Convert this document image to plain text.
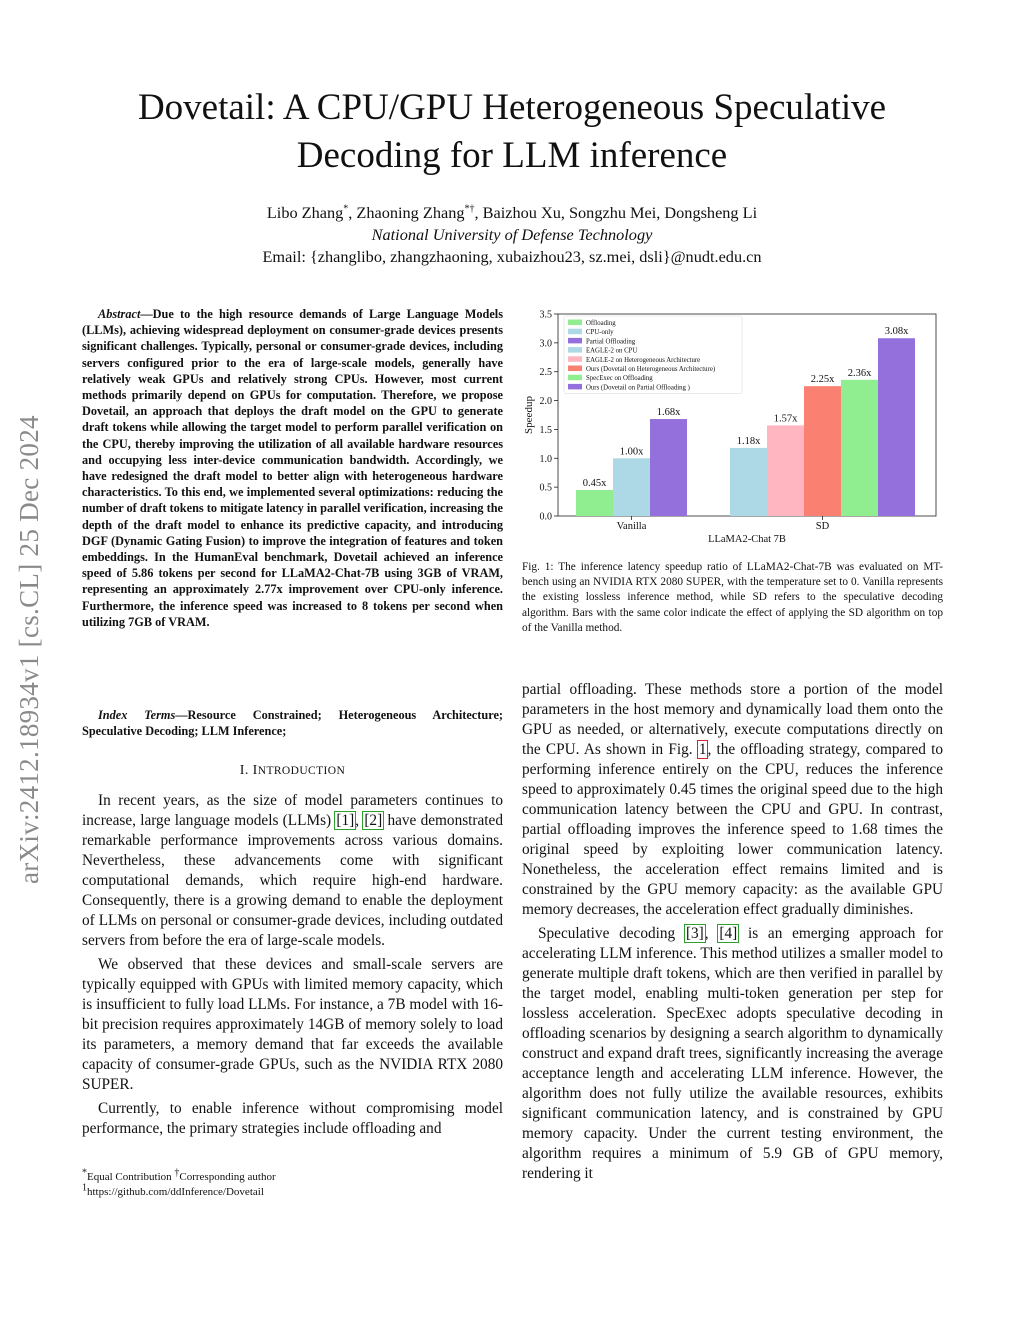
arXiv:2412.18934v1 [cs.CL] 25 Dec 2024
Dovetail: A CPU/GPU Heterogeneous Speculative Decoding for LLM inference
Libo Zhang*, Zhaoning Zhang*†, Baizhou Xu, Songzhu Mei, Dongsheng Li
National University of Defense Technology
Email: {zhanglibo, zhangzhaoning, xubaizhou23, sz.mei, dsli}@nudt.edu.cn
Abstract—Due to the high resource demands of Large Language Models (LLMs), achieving widespread deployment on consumer-grade devices presents significant challenges. Typically, personal or consumer-grade devices, including servers configured prior to the era of large-scale models, generally have relatively weak GPUs and relatively strong CPUs. However, most current methods primarily depend on GPUs for computation. Therefore, we propose Dovetail, an approach that deploys the draft model on the GPU to generate draft tokens while allowing the target model to perform parallel verification on the CPU, thereby improving the utilization of all available hardware resources and occupying less inter-device communication bandwidth. Accordingly, we have redesigned the draft model to better align with heterogeneous hardware characteristics. To this end, we implemented several optimizations: reducing the number of draft tokens to mitigate latency in parallel verification, increasing the depth of the draft model to enhance its predictive capacity, and introducing DGF (Dynamic Gating Fusion) to improve the integration of features and token embeddings. In the HumanEval benchmark, Dovetail achieved an inference speed of 5.86 tokens per second for LLaMA2-Chat-7B using 3GB of VRAM, representing an approximately 2.77x improvement over CPU-only inference. Furthermore, the inference speed was increased to 8 tokens per second when utilizing 7GB of VRAM.
Index Terms—Resource Constrained; Heterogeneous Architecture; Speculative Decoding; LLM Inference;
I. INTRODUCTION

In recent years, as the size of model parameters continues to increase, large language models (LLMs) [1], [2] have demonstrated remarkable performance improvements across various domains. Nevertheless, these advancements come with significant computational demands, which require high-end hardware. Consequently, there is a growing demand to enable the deployment of LLMs on personal or consumer-grade devices, including outdated servers from before the era of large-scale models.

We observed that these devices and small-scale servers are typically equipped with GPUs with limited memory capacity, which is insufficient to fully load LLMs. For instance, a 7B model with 16-bit precision requires approximately 14GB of memory solely to load its parameters, a memory demand that far exceeds the available capacity of consumer-grade GPUs, such as the NVIDIA RTX 2080 SUPER.

Currently, to enable inference without compromising model performance, the primary strategies include offloading and

*Equal Contribution †Corresponding author
$^1$https://github.com/ddInference/Dovetail
0.0
0.5
1.0
1.5
2.0
2.5
3.0
3.5
Speedup
0.45x
1.00x
1.68x
1.18x
1.57x
2.25x
2.36x
3.08x
Vanilla	SD
LLaMA2-Chat 7B
Offloading
CPU-only
Partial Offloading
EAGLE-2 on CPU
EAGLE-2 on Heterogeneous Architecture
Ours (Dovetail on Heterogeneous Architecture)
SpecExec on Offloading
Ours (Dovetail on Partial Offloading )
Fig. 1: The inference latency speedup ratio of LLaMA2-Chat-7B was evaluated on MT-bench using an NVIDIA RTX 2080 SUPER, with the temperature set to 0. Vanilla represents the existing lossless inference method, while SD refers to the speculative decoding algorithm. Bars with the same color indicate the effect of applying the SD algorithm on top of the Vanilla method.

partial offloading. These methods store a portion of the model parameters in the host memory and dynamically load them onto the GPU as needed, or alternatively, execute computations directly on the CPU. As shown in Fig. 1, the offloading strategy, compared to performing inference entirely on the CPU, reduces the inference speed to approximately 0.45 times the original speed due to the high communication latency between the CPU and GPU. In contrast, partial offloading improves the inference speed to 1.68 times the original speed by exploiting lower communication latency. Nonetheless, the acceleration effect remains limited and is constrained by the GPU memory capacity: as the available GPU memory decreases, the acceleration effect gradually diminishes.

Speculative decoding [3], [4] is an emerging approach for accelerating LLM inference. This method utilizes a smaller model to generate multiple draft tokens, which are then verified in parallel by the target model, enabling multi-token generation per step for lossless acceleration. SpecExec adopts speculative decoding in offloading scenarios by designing a search algorithm to dynamically construct and expand draft trees, significantly increasing the average acceptance length and accelerating LLM inference. However, the algorithm does not fully utilize the available resources, exhibits significant communication latency, and is constrained by GPU memory capacity. Under the current testing environment, the algorithm requires a minimum of 5.9 GB of GPU memory, rendering it
